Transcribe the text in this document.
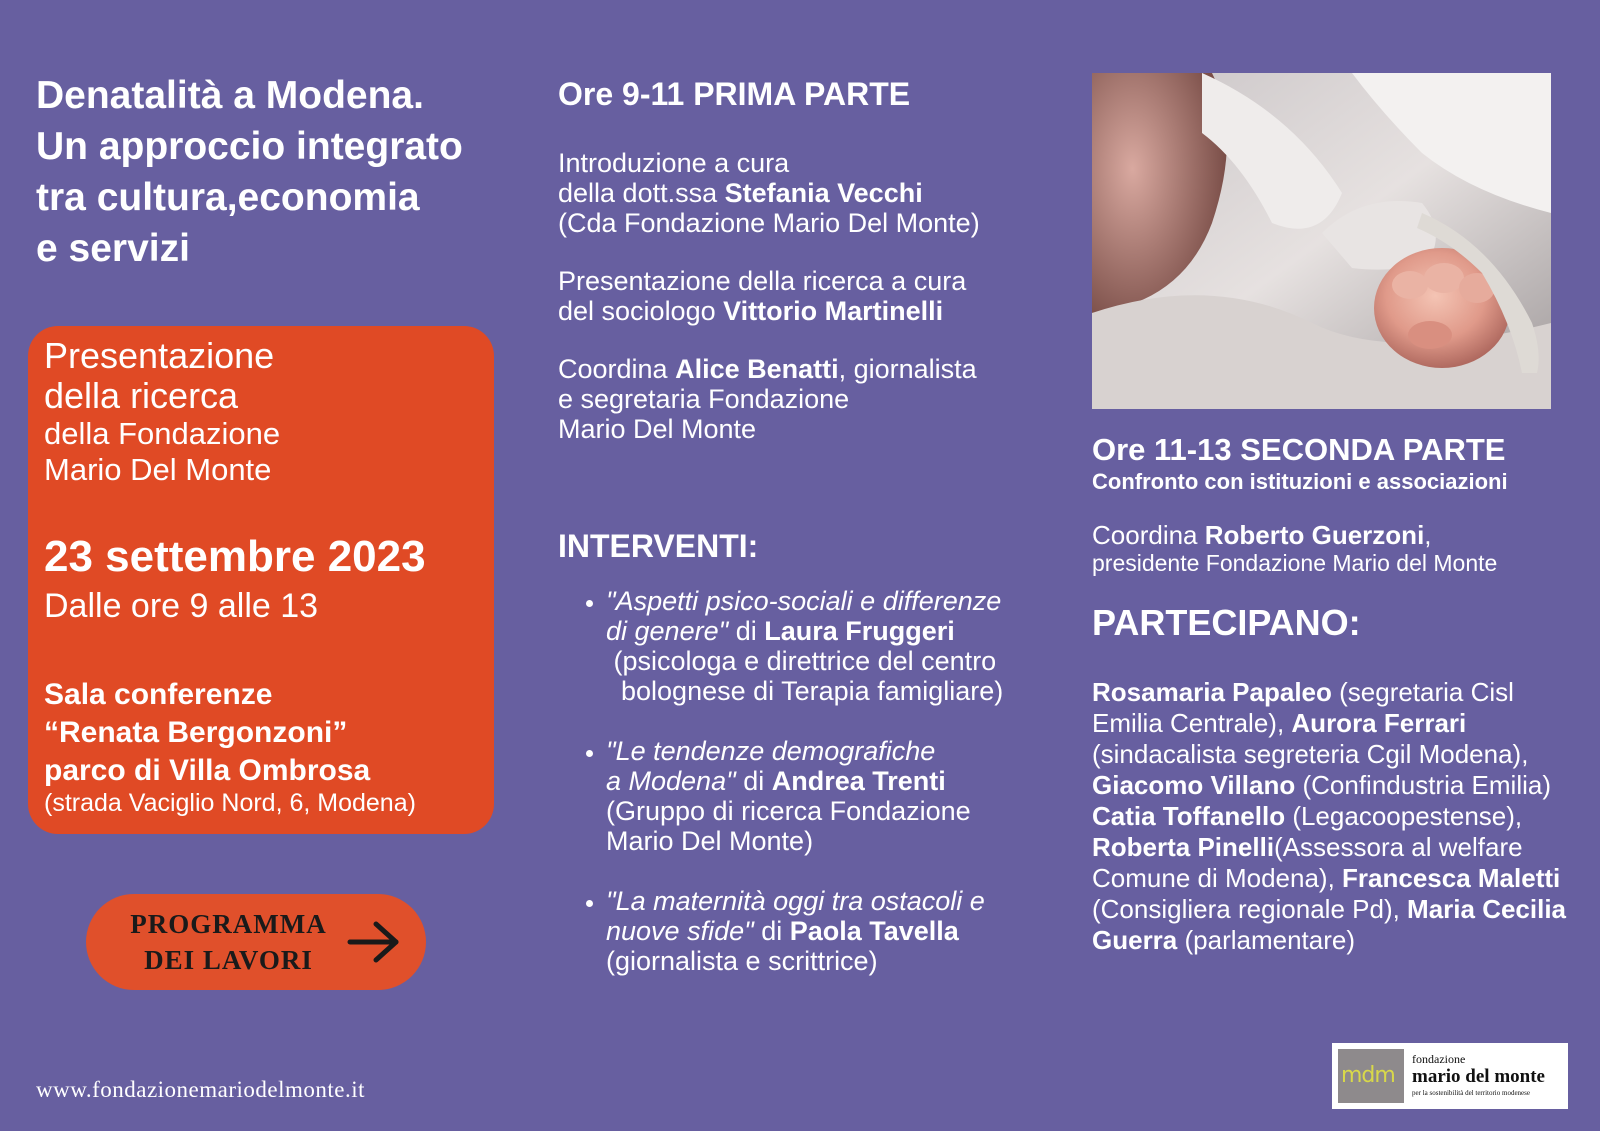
Denatalità a Modena.
Un approccio integrato
tra cultura,economia
e servizi
Presentazione
della ricerca
della Fondazione
Mario Del Monte
23 settembre 2023
Dalle ore 9 alle 13
Sala conferenze
“Renata Bergonzoni”
parco di Villa Ombrosa
(strada Vaciglio Nord, 6, Modena)
PROGRAMMA
DEI LAVORI
www.fondazionemariodelmonte.it
Ore 9-11 PRIMA PARTE
Introduzione a cura
della dott.ssa Stefania Vecchi
(Cda Fondazione Mario Del Monte)
Presentazione della ricerca a cura
del sociologo Vittorio Martinelli
Coordina Alice Benatti, giornalista
e segretaria Fondazione
Mario Del Monte
INTERVENTI:
• "Aspetti psico-sociali e differenze
di genere" di Laura Fruggeri
(psicologa e direttrice del centro
bolognese di Terapia famigliare)
• "Le tendenze demografiche
a Modena" di Andrea Trenti
(Gruppo di ricerca Fondazione
Mario Del Monte)
• "La maternità oggi tra ostacoli e
nuove sfide" di Paola Tavella
(giornalista e scrittrice)
Ore 11-13 SECONDA PARTE
Confronto con istituzioni e associazioni
Coordina Roberto Guerzoni,
presidente Fondazione Mario del Monte
PARTECIPANO:
Rosamaria Papaleo (segretaria Cisl
Emilia Centrale), Aurora Ferrari
(sindacalista segreteria Cgil Modena),
Giacomo Villano (Confindustria Emilia)
Catia Toffanello (Legacoopestense),
Roberta Pinelli(Assessora al welfare
Comune di Modena), Francesca Maletti
(Consigliera regionale Pd), Maria Cecilia
Guerra (parlamentare)
mdm
fondazione
mario del monte
per la sostenibilità del territorio modenese
